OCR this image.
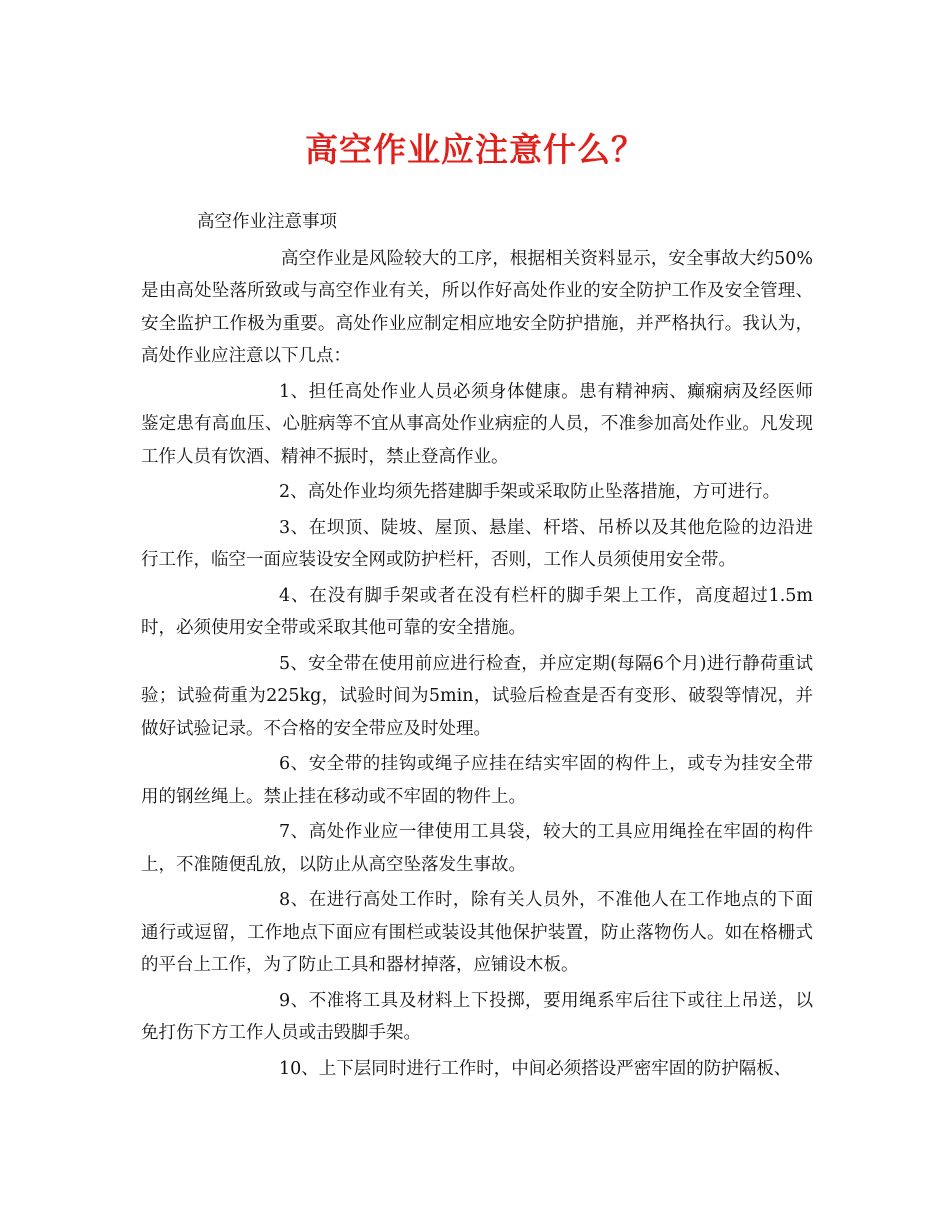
高空作业应注意什么？

高空作业注意事项

高空作业是风险较大的工序，根据相关资料显示，安全事故大约50%是由高处坠落所致或与高空作业有关，所以作好高处作业的安全防护工作及安全管理、安全监护工作极为重要。高处作业应制定相应地安全防护措施，并严格执行。我认为，高处作业应注意以下几点：

1、担任高处作业人员必须身体健康。患有精神病、癫痫病及经医师鉴定患有高血压、心脏病等不宜从事高处作业病症的人员，不准参加高处作业。凡发现工作人员有饮酒、精神不振时，禁止登高作业。

2、高处作业均须先搭建脚手架或采取防止坠落措施，方可进行。

3、在坝顶、陡坡、屋顶、悬崖、杆塔、吊桥以及其他危险的边沿进行工作，临空一面应装设安全网或防护栏杆，否则，工作人员须使用安全带。

4、在没有脚手架或者在没有栏杆的脚手架上工作，高度超过1.5m时，必须使用安全带或采取其他可靠的安全措施。

5、安全带在使用前应进行检查，并应定期(每隔6个月)进行静荷重试验；试验荷重为225kg，试验时间为5min，试验后检查是否有变形、破裂等情况，并做好试验记录。不合格的安全带应及时处理。

6、安全带的挂钩或绳子应挂在结实牢固的构件上，或专为挂安全带用的钢丝绳上。禁止挂在移动或不牢固的物件上。

7、高处作业应一律使用工具袋，较大的工具应用绳拴在牢固的构件上，不准随便乱放，以防止从高空坠落发生事故。

8、在进行高处工作时，除有关人员外，不准他人在工作地点的下面通行或逗留，工作地点下面应有围栏或装设其他保护装置，防止落物伤人。如在格栅式的平台上工作，为了防止工具和器材掉落，应铺设木板。

9、不准将工具及材料上下投掷，要用绳系牢后往下或往上吊送，以免打伤下方工作人员或击毁脚手架。

10、上下层同时进行工作时，中间必须搭设严密牢固的防护隔板、
